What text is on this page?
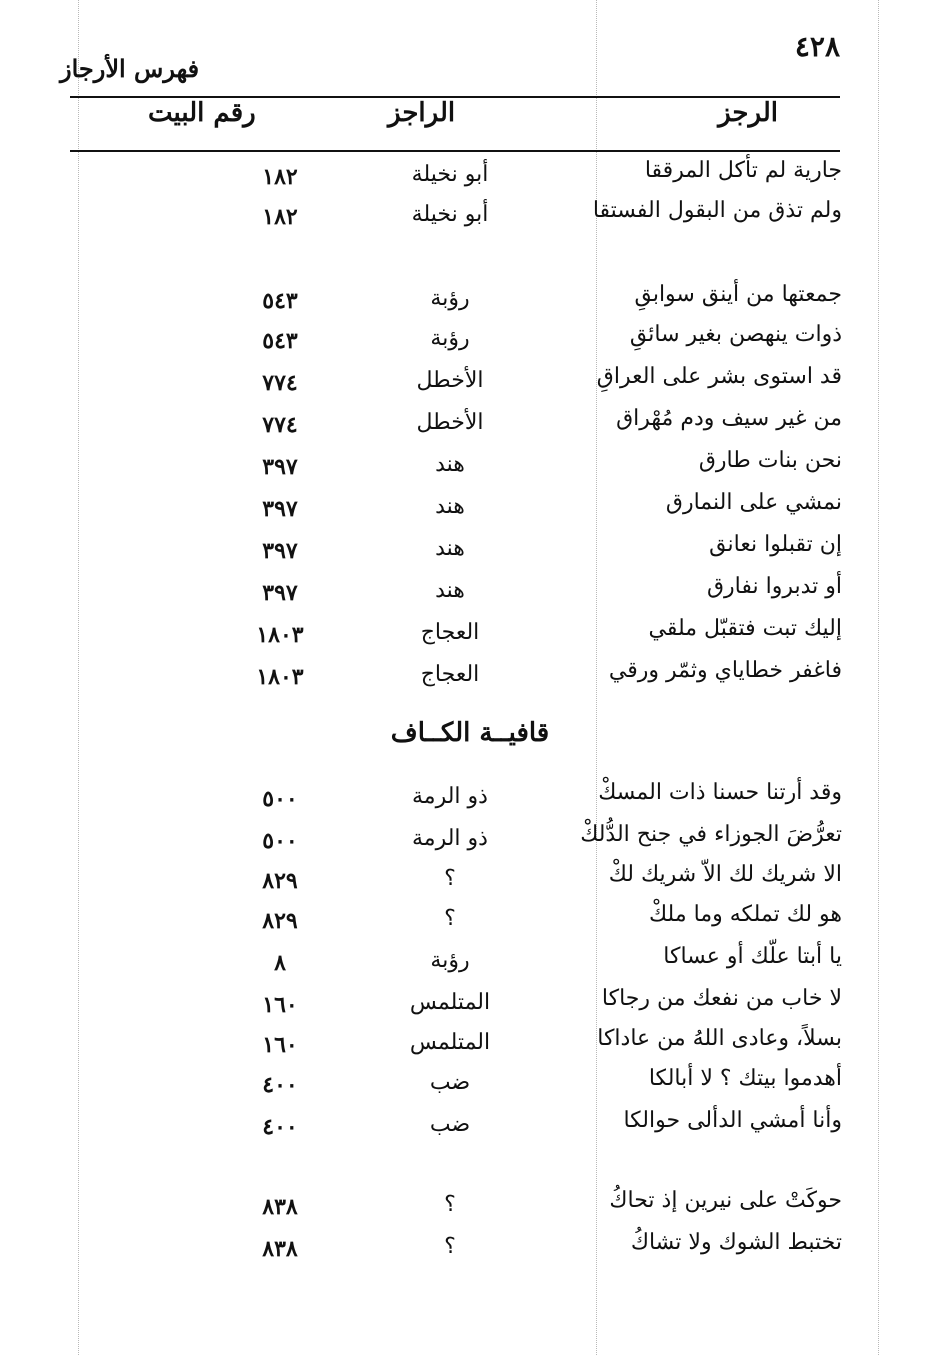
٤٢٨
فهرس الأرجاز
الرجز
الراجز
رقم البيت
جارية لم تأكل المرققا
أبو نخيلة
١٨٢
ولم تذق من البقول الفستقا
أبو نخيلة
١٨٢
جمعتها من أينق سوابقِ
رؤبة
٥٤٣
ذوات ينهصن بغير سائقِ
رؤبة
٥٤٣
قد استوى بشر على العراقِ
الأخطل
٧٧٤
من غير سيف ودم مُهْراق
الأخطل
٧٧٤
نحن بنات طارق
هند
٣٩٧
نمشي على النمارق
هند
٣٩٧
إن تقبلوا نعانق
هند
٣٩٧
أو تدبروا نفارق
هند
٣٩٧
إليك تبت فتقبّل ملقي
العجاج
١٨٠٣
فاغفر خطاياي وثمّر ورقي
العجاج
١٨٠٣
قافيــة الكــاف
وقد أرتنا حسنا ذات المسكْ
ذو الرمة
٥٠٠
تعرُّضَ الجوزاء في جنح الدُّلكْ
ذو الرمة
٥٠٠
الا شريك لك الاّ شريك لكْ
؟
٨٢٩
هو لك تملكه وما ملكْ
؟
٨٢٩
يا أبتا علّك أو عساكا
رؤبة
٨
لا خاب من نفعك من رجاكا
المتلمس
١٦٠
بسلاً، وعادى اللهُ من عاداكا
المتلمس
١٦٠
أهدموا بيتك ؟ لا أبالكا
ضب
٤٠٠
وأنا أمشي الدألى حوالكا
ضب
٤٠٠
حوكَتْ على نيرين إذ تحاكُ
؟
٨٣٨
تختبط الشوك ولا تشاكُ
؟
٨٣٨
